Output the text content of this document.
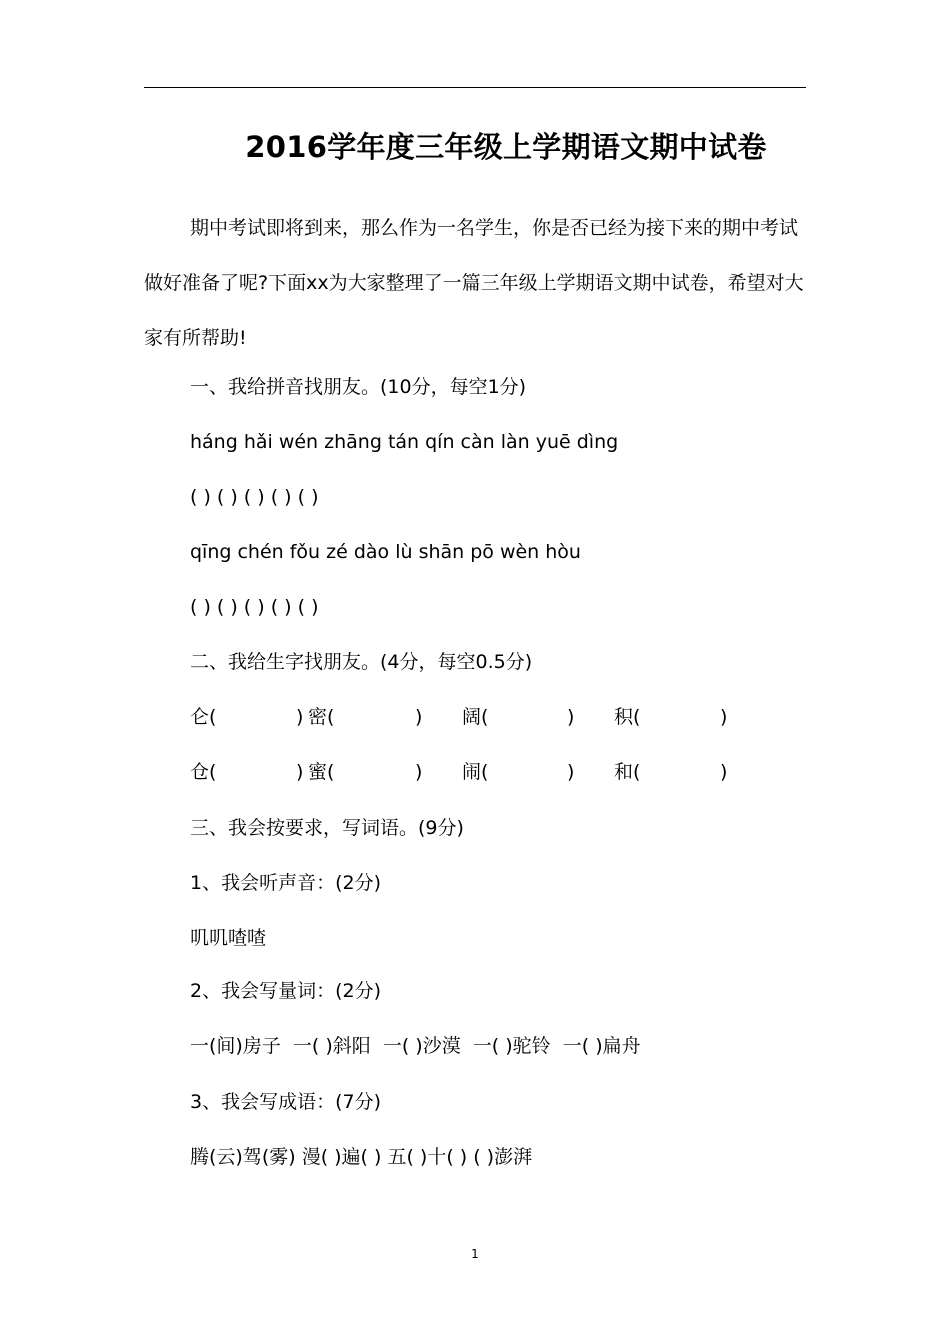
2016学年度三年级上学期语文期中试卷

期中考试即将到来，那么作为一名学生，你是否已经为接下来的期中考试做好准备了呢?下面xx为大家整理了一篇三年级上学期语文期中试卷，希望对大家有所帮助!

一、我给拼音找朋友。(10分，每空1分)
háng hǎi wén zhāng tán qín càn làn yuē dìng
( ) ( ) ( ) ( ) ( )
qīng chén fǒu zé dào lù shān pō wèn hòu
( ) ( ) ( ) ( ) ( )
二、我给生字找朋友。(4分，每空0.5分)
仑(	) 密(	) 阔(	) 积(	)
仓(	) 蜜(	) 闹(	) 和(	)
三、我会按要求，写词语。(9分)
1、我会听声音：(2分)
叽叽喳喳
2、我会写量词：(2分)
一(间)房子  一( )斜阳  一( )沙漠  一( )驼铃  一( )扁舟
3、我会写成语：(7分)
腾(云)驾(雾) 漫( )遍( ) 五( )十( ) ( )澎湃
1
